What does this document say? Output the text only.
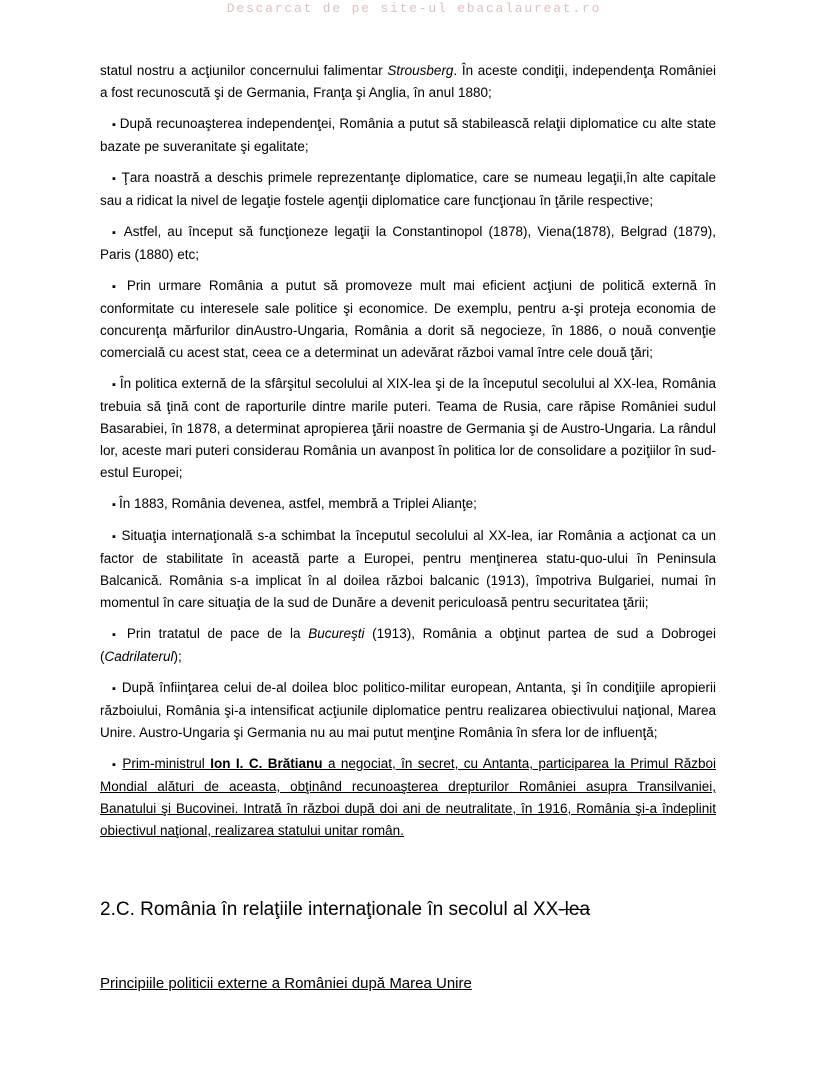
Descarcat de pe site-ul ebacalaureat.ro

statul nostru a acţiunilor concernului falimentar Strousberg. În aceste condiţii, independenţa României a fost recunoscută şi de Germania, Franţa şi Anglia, în anul 1880;

▪ După recunoaşterea independenţei, România a putut să stabilească relaţii diplomatice cu alte state bazate pe suveranitate şi egalitate;

▪ Ţara noastră a deschis primele reprezentanţe diplomatice, care se numeau legaţii,în alte capitale sau a ridicat la nivel de legaţie fostele agenţii diplomatice care funcţionau în ţările respective;

▪ Astfel, au început să funcţioneze legaţii la Constantinopol (1878), Viena(1878), Belgrad (1879), Paris (1880) etc;

▪ Prin urmare România a putut să promoveze mult mai eficient acţiuni de politică externă în conformitate cu interesele sale politice şi economice. De exemplu, pentru a-şi proteja economia de concurenţa mărfurilor dinAustro-Ungaria, România a dorit să negocieze, în 1886, o nouă convenţie comercială cu acest stat, ceea ce a determinat un adevărat război vamal între cele două ţări;

▪ În politica externă de la sfârşitul secolului al XIX-lea şi de la începutul secolului al XX-lea, România trebuia să ţină cont de raporturile dintre marile puteri. Teama de Rusia, care răpise României sudul Basarabiei, în 1878, a determinat apropierea ţării noastre de Germania şi de Austro-Ungaria. La rândul lor, aceste mari puteri considerau România un avanpost în politica lor de consolidare a poziţiilor în sud-estul Europei;

▪ În 1883, România devenea, astfel, membră a Triplei Alianţe;

▪ Situaţia internaţională s-a schimbat la începutul secolului al XX-lea, iar România a acţionat ca un factor de stabilitate în această parte a Europei, pentru menţinerea statu-quo-ului în Peninsula Balcanică. România s-a implicat în al doilea război balcanic (1913), împotriva Bulgariei, numai în momentul în care situaţia de la sud de Dunăre a devenit periculoasă pentru securitatea ţării;

▪ Prin tratatul de pace de la Bucureşti (1913), România a obţinut partea de sud a Dobrogei (Cadrilaterul);

▪ După înfiinţarea celui de-al doilea bloc politico-militar european, Antanta, şi în condiţiile apropierii războiului, România şi-a intensificat acţiunile diplomatice pentru realizarea obiectivului naţional, Marea Unire. Austro-Ungaria şi Germania nu au mai putut menţine România în sfera lor de influenţă;

▪ Prim-ministrul Ion I. C. Brătianu a negociat, în secret, cu Antanta, participarea la Primul Război Mondial alături de aceasta, obţinând recunoaşterea drepturilor României asupra Transilvaniei, Banatului şi Bucovinei. Intrată în război după doi ani de neutralitate, în 1916, România şi-a îndeplinit obiectivul naţional, realizarea statului unitar român.

2.C. România în relaţiile internaţionale în secolul al XX-lea
Principiile politicii externe a României după Marea Unire
